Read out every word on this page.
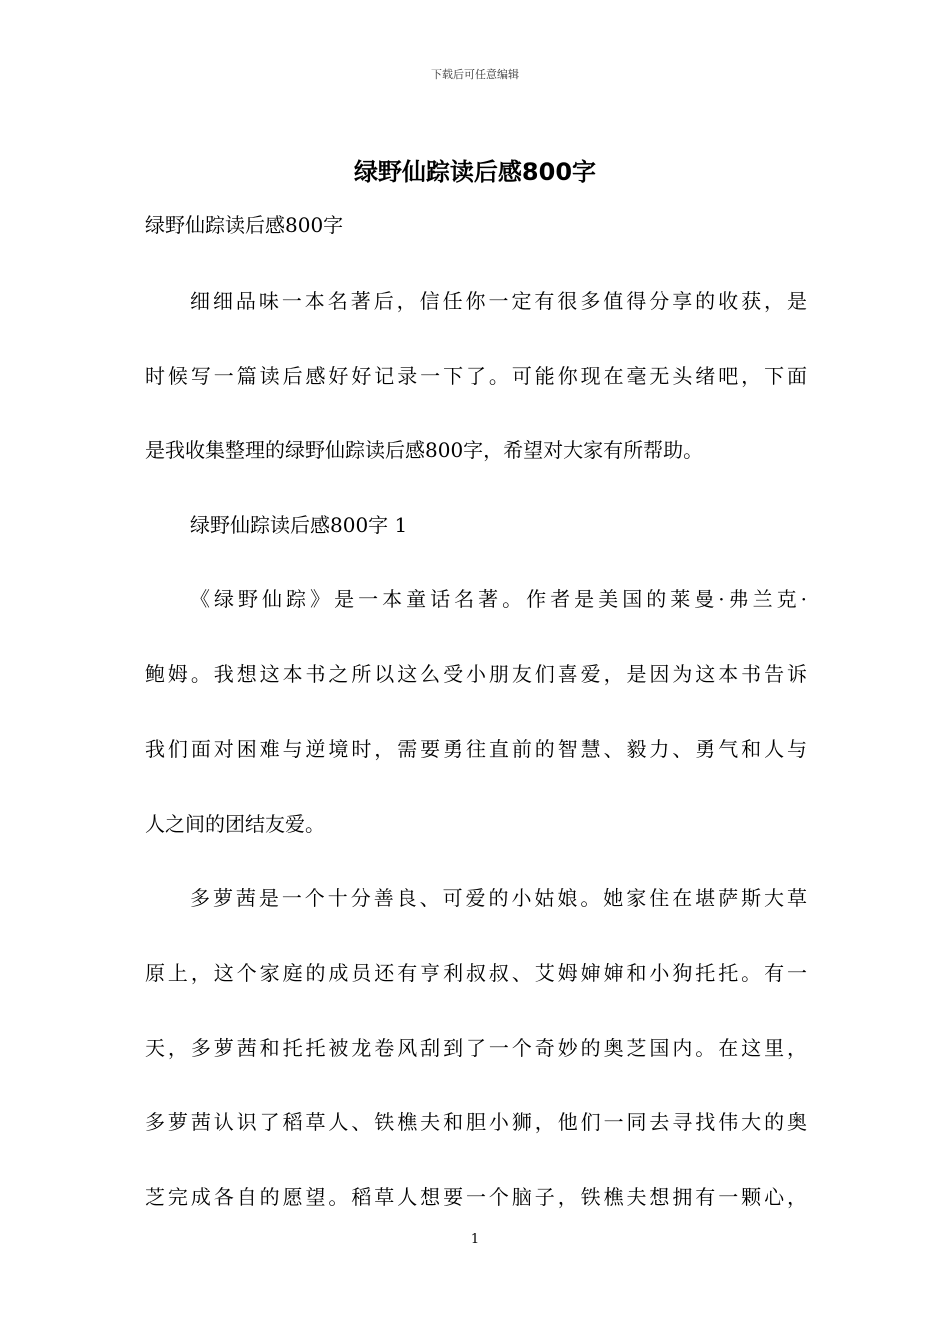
下载后可任意编辑
绿野仙踪读后感800字
绿野仙踪读后感800字
细细品味一本名著后，信任你一定有很多值得分享的收获，是
时候写一篇读后感好好记录一下了。可能你现在毫无头绪吧，下面
是我收集整理的绿野仙踪读后感800字，希望对大家有所帮助。
绿野仙踪读后感800字 1
《绿野仙踪》是一本童话名著。作者是美国的莱曼·弗兰克·
鲍姆。我想这本书之所以这么受小朋友们喜爱，是因为这本书告诉
我们面对困难与逆境时，需要勇往直前的智慧、毅力、勇气和人与
人之间的团结友爱。
多萝茜是一个十分善良、可爱的小姑娘。她家住在堪萨斯大草
原上，这个家庭的成员还有亨利叔叔、艾姆婶婶和小狗托托。有一
天，多萝茜和托托被龙卷风刮到了一个奇妙的奥芝国内。在这里，
多萝茜认识了稻草人、铁樵夫和胆小狮，他们一同去寻找伟大的奥
芝完成各自的愿望。稻草人想要一个脑子，铁樵夫想拥有一颗心，
1
